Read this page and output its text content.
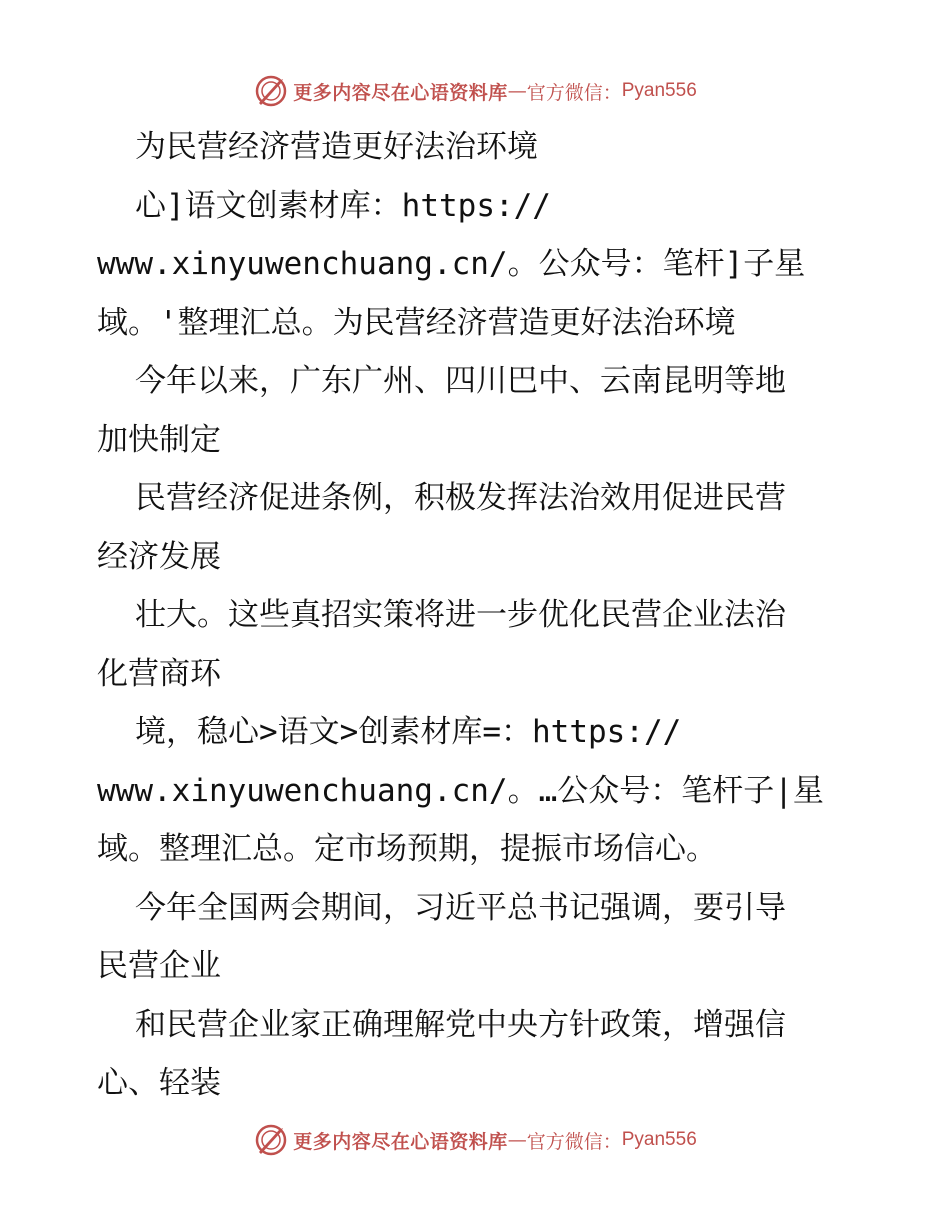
更多内容尽在心语资料库 — 官方微信： Pyan556
为民营经济营造更好法治环境
心]语文创素材库：https://
www.xinyuwenchuang.cn/。公众号：笔杆]子星
域。'整理汇总。为民营经济营造更好法治环境
今年以来，广东广州、四川巴中、云南昆明等地
加快制定
民营经济促进条例，积极发挥法治效用促进民营
经济发展
壮大。这些真招实策将进一步优化民营企业法治
化营商环
境，稳心>语文>创素材库=：https://
www.xinyuwenchuang.cn/。…公众号：笔杆子|星
域。整理汇总。定市场预期，提振市场信心。
今年全国两会期间，习近平总书记强调，要引导
民营企业
和民营企业家正确理解党中央方针政策，增强信
心、轻装
更多内容尽在心语资料库 — 官方微信： Pyan556
